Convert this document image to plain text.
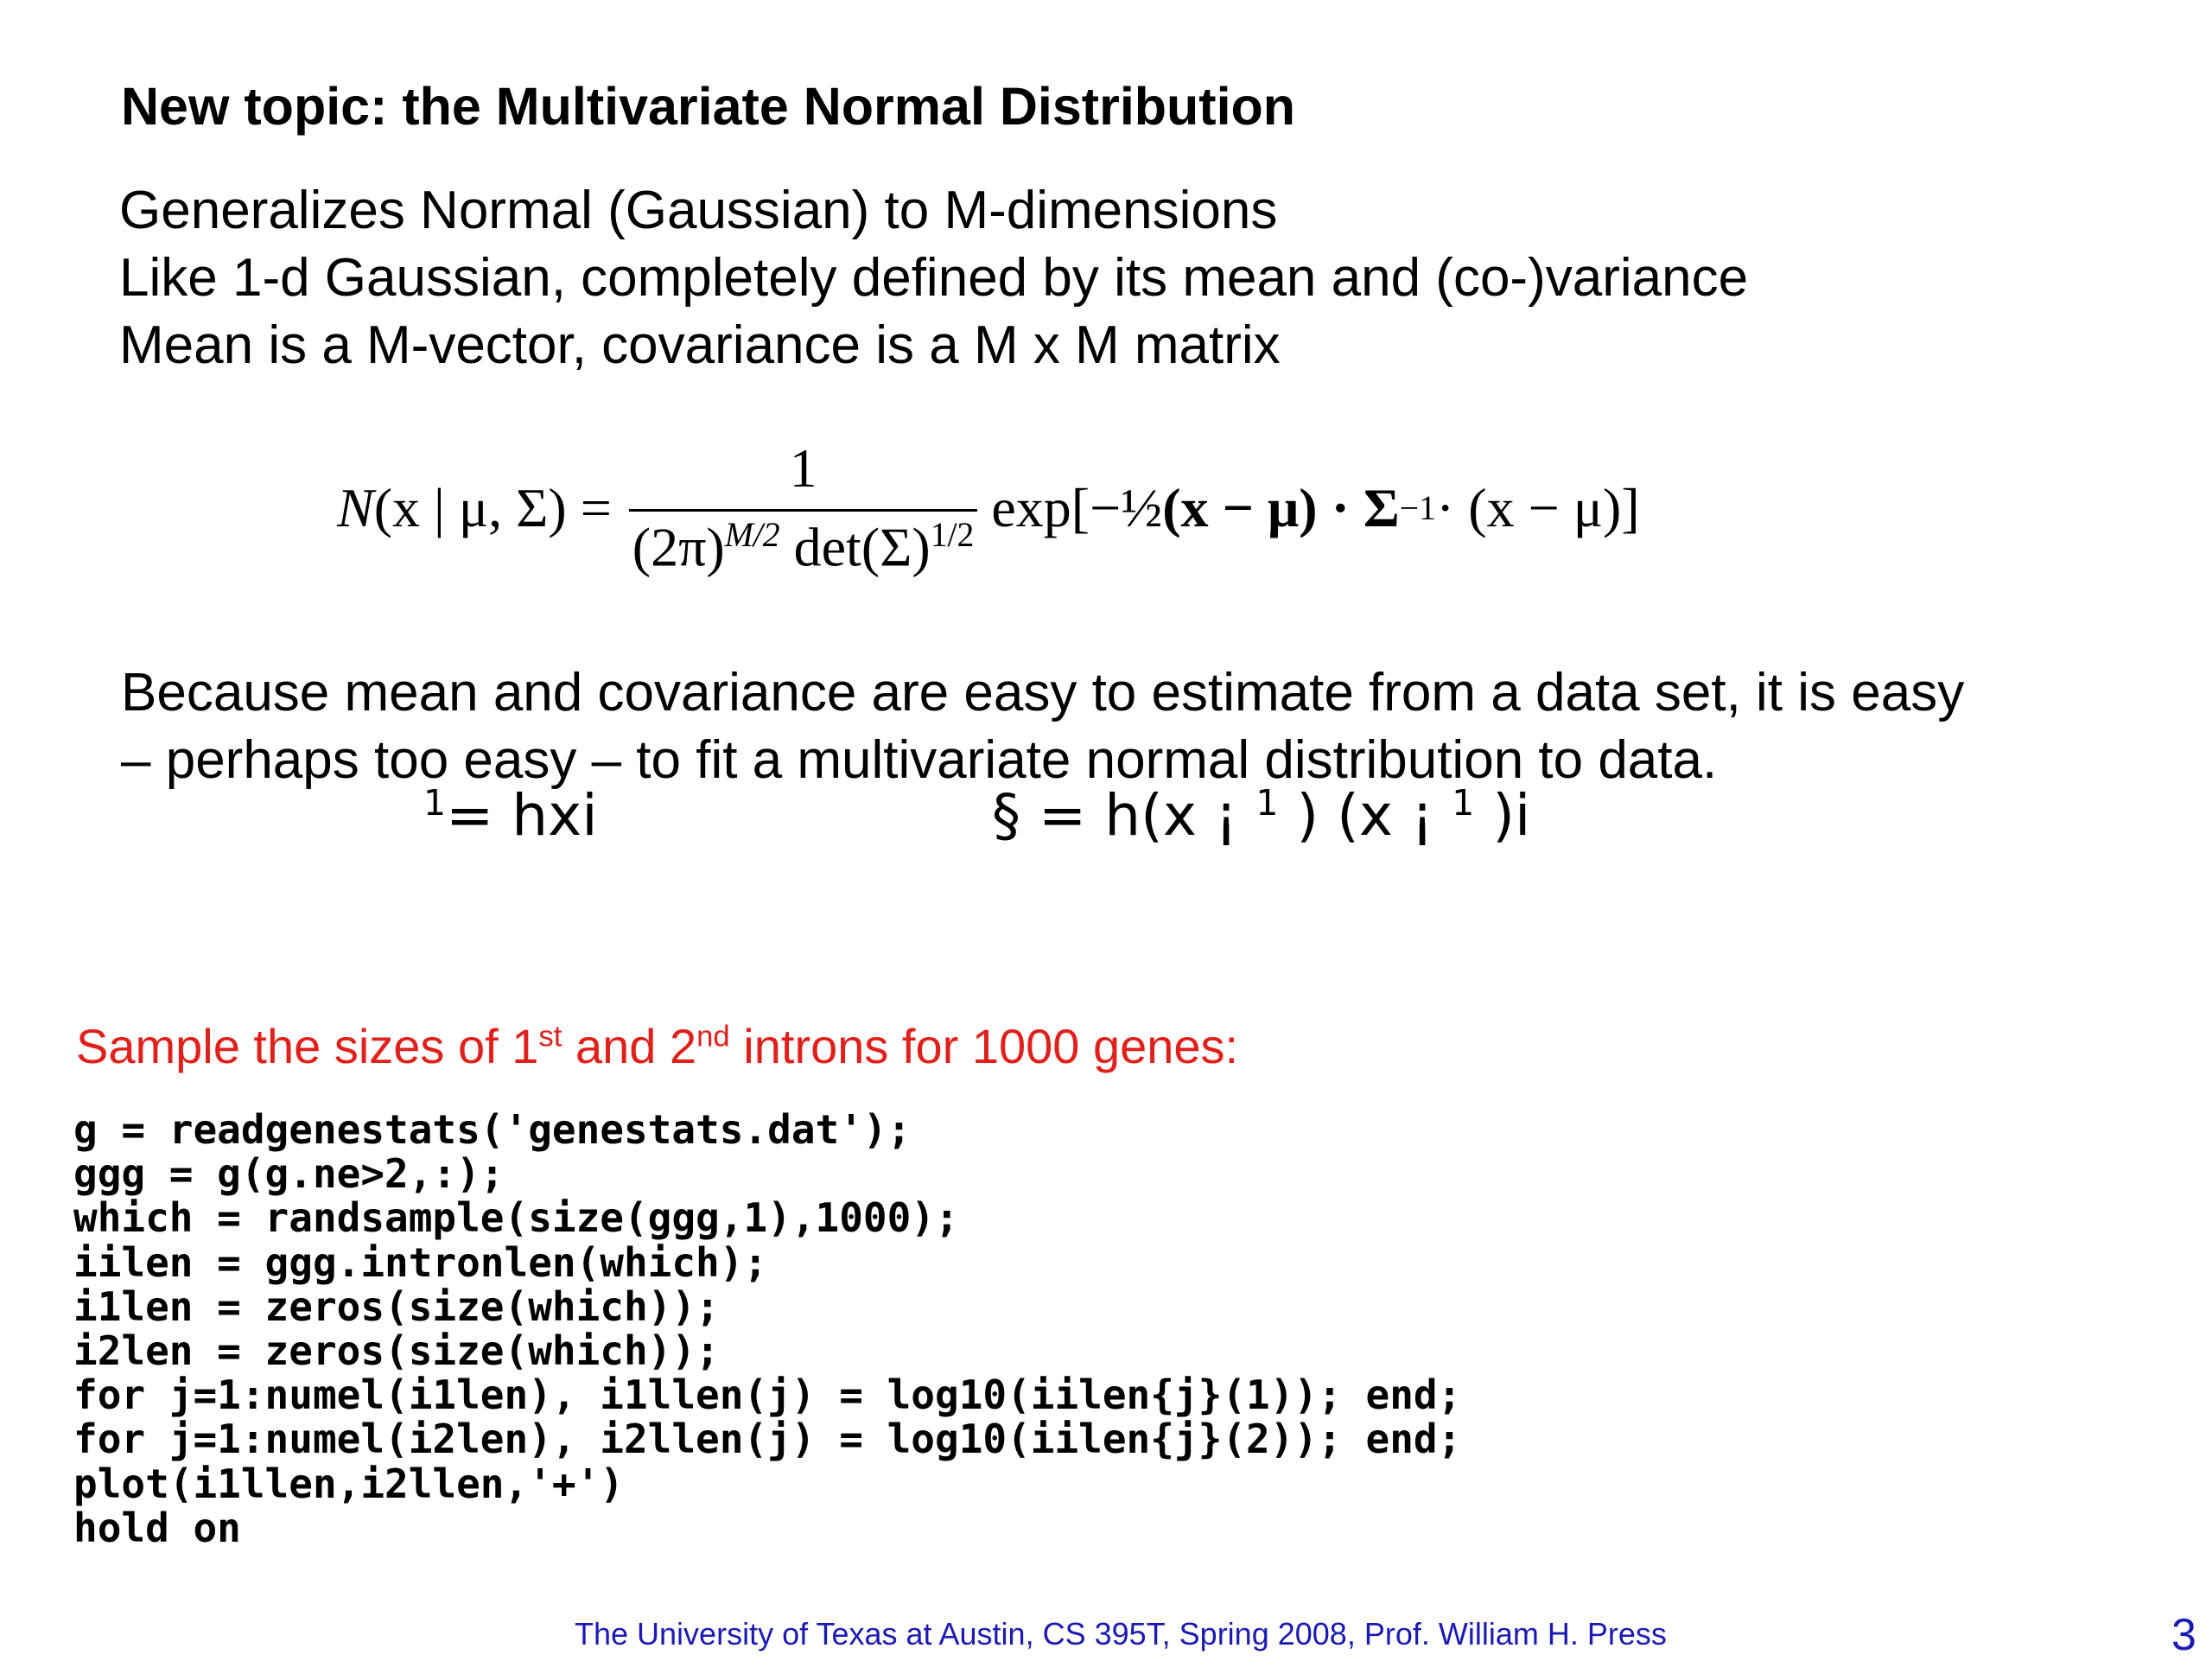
New topic: the Multivariate Normal Distribution
Generalizes Normal (Gaussian) to M-dimensions
Like 1-d Gaussian, completely defined by its mean and (co-)variance
Mean is a M-vector, covariance is a M x M matrix
N (x | μ, $\Sigma) = \frac{1}{(2\pi)^{M/2} \det(\Sigma)^{1/2}} \exp[-$ ½ (x − μ) · Σ −1 · (x − μ)]
Because mean and covariance are easy to estimate from a data set, it is easy
– perhaps too easy – to fit a multivariate normal distribution to data.
$^1$= hxi	§ = h(x ¡ $^1$ ) (x ¡ $^1$ )i
Sample the sizes of 1st and 2nd introns for 1000 genes:
g = readgenestats('genestats.dat');
ggg = g(g.ne>2,:);
which = randsample(size(ggg,1),1000);
iilen = ggg.intronlen(which);
i1len = zeros(size(which));
i2len = zeros(size(which));
for j=1:numel(i1len), i1llen(j) = log10(iilen{j}(1)); end;
for j=1:numel(i2len), i2llen(j) = log10(iilen{j}(2)); end;
plot(i1llen,i2llen,'+')
hold on
The University of Texas at Austin, CS 395T, Spring 2008, Prof. William H. Press	3
